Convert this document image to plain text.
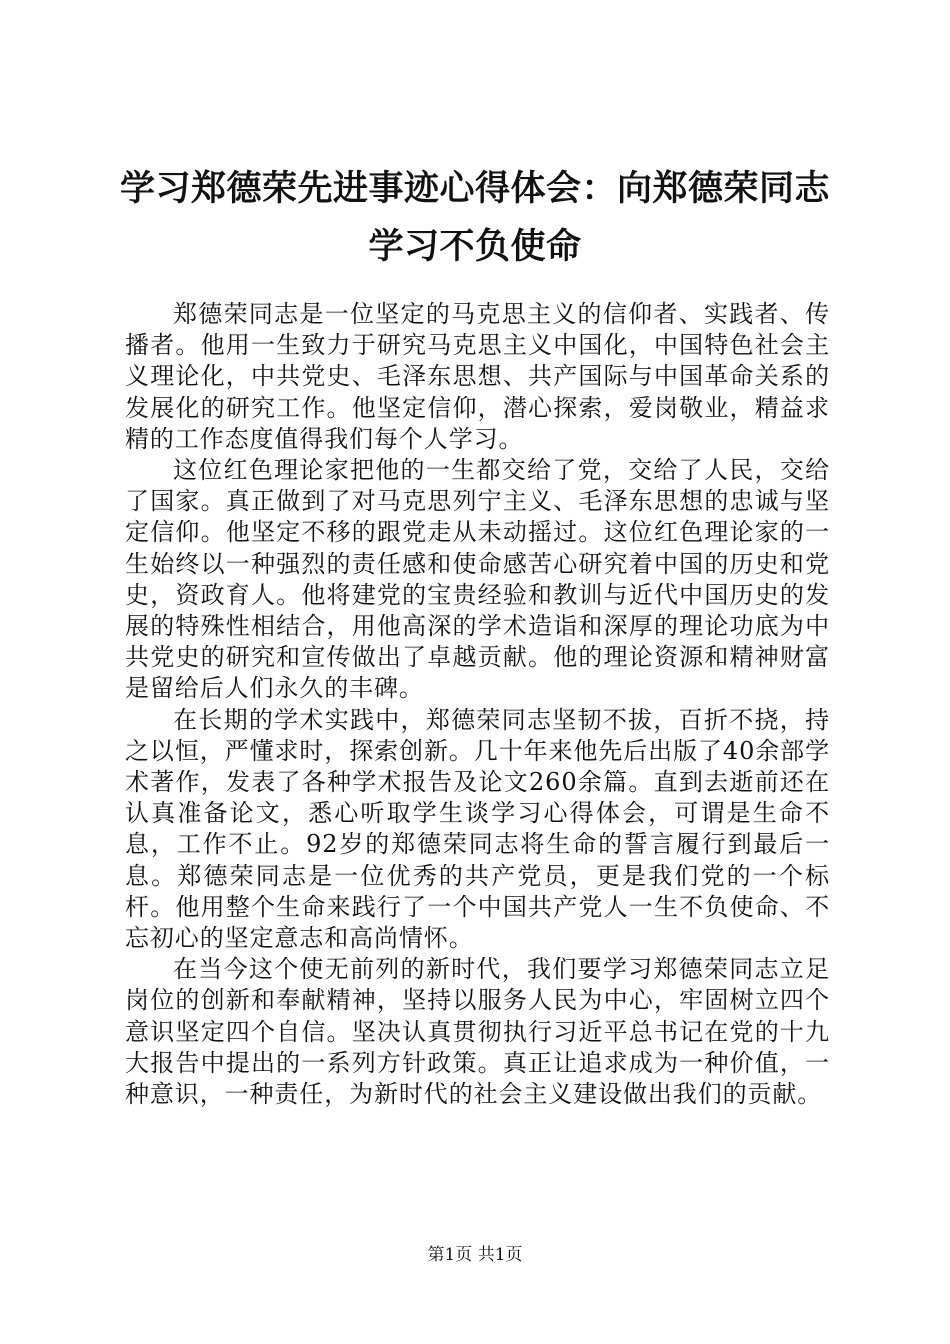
学习郑德荣先进事迹心得体会：向郑德荣同志
学习不负使命

郑德荣同志是一位坚定的马克思主义的信仰者、实践者、传播者。他用一生致力于研究马克思主义中国化，中国特色社会主义理论化，中共党史、毛泽东思想、共产国际与中国革命关系的发展化的研究工作。他坚定信仰，潜心探索，爱岗敬业，精益求精的工作态度值得我们每个人学习。

这位红色理论家把他的一生都交给了党，交给了人民，交给了国家。真正做到了对马克思列宁主义、毛泽东思想的忠诚与坚定信仰。他坚定不移的跟党走从未动摇过。这位红色理论家的一生始终以一种强烈的责任感和使命感苦心研究着中国的历史和党史，资政育人。他将建党的宝贵经验和教训与近代中国历史的发展的特殊性相结合，用他高深的学术造诣和深厚的理论功底为中共党史的研究和宣传做出了卓越贡献。他的理论资源和精神财富是留给后人们永久的丰碑。

在长期的学术实践中，郑德荣同志坚韧不拔，百折不挠，持之以恒，严懂求时，探索创新。几十年来他先后出版了40余部学术著作，发表了各种学术报告及论文260余篇。直到去逝前还在认真准备论文，悉心听取学生谈学习心得体会，可谓是生命不息，工作不止。92岁的郑德荣同志将生命的誓言履行到最后一息。郑德荣同志是一位优秀的共产党员，更是我们党的一个标杆。他用整个生命来践行了一个中国共产党人一生不负使命、不忘初心的坚定意志和高尚情怀。

在当今这个使无前列的新时代，我们要学习郑德荣同志立足岗位的创新和奉献精神，坚持以服务人民为中心，牢固树立四个意识坚定四个自信。坚决认真贯彻执行习近平总书记在党的十九大报告中提出的一系列方针政策。真正让追求成为一种价值，一种意识，一种责任，为新时代的社会主义建设做出我们的贡献。

第1页 共1页
